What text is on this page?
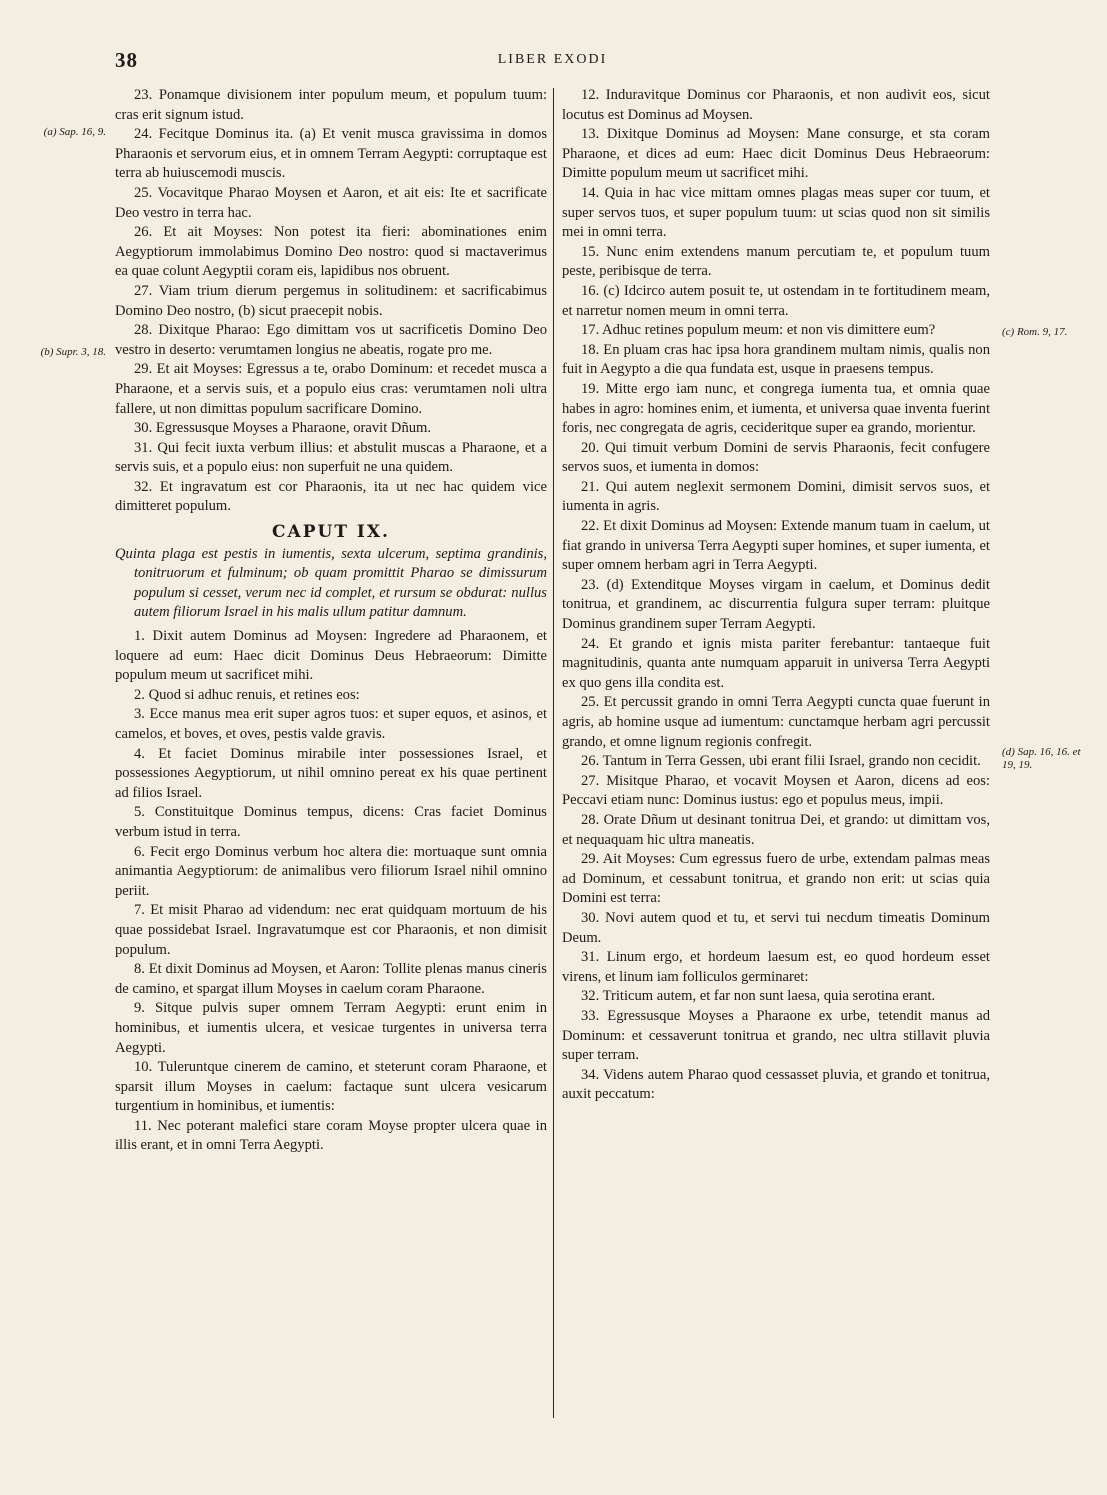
38	LIBER EXODI

23. Ponamque divisionem inter populum meum, et populum tuum: cras erit signum istud.

24. Fecitque Dominus ita. (a) Et venit musca gravissima in domos Pharaonis et servorum eius, et in omnem Terram Aegypti: corruptaque est terra ab huiuscemodi muscis.

25. Vocavitque Pharao Moysen et Aaron, et ait eis: Ite et sacrificate Deo vestro in terra hac.

26. Et ait Moyses: Non potest ita fieri: abominationes enim Aegyptiorum immolabimus Domino Deo nostro: quod si mactaverimus ea quae colunt Aegyptii coram eis, lapidibus nos obruent.

27. Viam trium dierum pergemus in solitudinem: et sacrificabimus Domino Deo nostro, (b) sicut praecepit nobis.

28. Dixitque Pharao: Ego dimittam vos ut sacrificetis Domino Deo vestro in deserto: verumtamen longius ne abeatis, rogate pro me.

29. Et ait Moyses: Egressus a te, orabo Dominum: et recedet musca a Pharaone, et a servis suis, et a populo eius cras: verumtamen noli ultra fallere, ut non dimittas populum sacrificare Domino.

30. Egressusque Moyses a Pharaone, oravit Dñum.

31. Qui fecit iuxta verbum illius: et abstulit muscas a Pharaone, et a servis suis, et a populo eius: non superfuit ne una quidem.

32. Et ingravatum est cor Pharaonis, ita ut nec hac quidem vice dimitteret populum.

CAPUT IX.

Quinta plaga est pestis in iumentis, sexta ulcerum, septima grandinis, tonitruorum et fulminum; ob quam promittit Pharao se dimissurum populum si cesset, verum nec id complet, et rursum se obdurat: nullus autem filiorum Israel in his malis ullum patitur damnum.

1. Dixit autem Dominus ad Moysen: Ingredere ad Pharaonem, et loquere ad eum: Haec dicit Dominus Deus Hebraeorum: Dimitte populum meum ut sacrificet mihi.

2. Quod si adhuc renuis, et retines eos:

3. Ecce manus mea erit super agros tuos: et super equos, et asinos, et camelos, et boves, et oves, pestis valde gravis.

4. Et faciet Dominus mirabile inter possessiones Israel, et possessiones Aegyptiorum, ut nihil omnino pereat ex his quae pertinent ad filios Israel.

5. Constituitque Dominus tempus, dicens: Cras faciet Dominus verbum istud in terra.

6. Fecit ergo Dominus verbum hoc altera die: mortuaque sunt omnia animantia Aegyptiorum: de animalibus vero filiorum Israel nihil omnino periit.

7. Et misit Pharao ad videndum: nec erat quidquam mortuum de his quae possidebat Israel. Ingravatumque est cor Pharaonis, et non dimisit populum.

8. Et dixit Dominus ad Moysen, et Aaron: Tollite plenas manus cineris de camino, et spargat illum Moyses in caelum coram Pharaone.

9. Sitque pulvis super omnem Terram Aegypti: erunt enim in hominibus, et iumentis ulcera, et vesicae turgentes in universa terra Aegypti.

10. Tuleruntque cinerem de camino, et steterunt coram Pharaone, et sparsit illum Moyses in caelum: factaque sunt ulcera vesicarum turgentium in hominibus, et iumentis:

11. Nec poterant malefici stare coram Moyse propter ulcera quae in illis erant, et in omni Terra Aegypti.

12. Induravitque Dominus cor Pharaonis, et non audivit eos, sicut locutus est Dominus ad Moysen.

13. Dixitque Dominus ad Moysen: Mane consurge, et sta coram Pharaone, et dices ad eum: Haec dicit Dominus Deus Hebraeorum: Dimitte populum meum ut sacrificet mihi.

14. Quia in hac vice mittam omnes plagas meas super cor tuum, et super servos tuos, et super populum tuum: ut scias quod non sit similis mei in omni terra.

15. Nunc enim extendens manum percutiam te, et populum tuum peste, peribisque de terra.

16. (c) Idcirco autem posuit te, ut ostendam in te fortitudinem meam, et narretur nomen meum in omni terra.

17. Adhuc retines populum meum: et non vis dimittere eum?

18. En pluam cras hac ipsa hora grandinem multam nimis, qualis non fuit in Aegypto a die qua fundata est, usque in praesens tempus.

19. Mitte ergo iam nunc, et congrega iumenta tua, et omnia quae habes in agro: homines enim, et iumenta, et universa quae inventa fuerint foris, nec congregata de agris, cecideritque super ea grando, morientur.

20. Qui timuit verbum Domini de servis Pharaonis, fecit confugere servos suos, et iumenta in domos:

21. Qui autem neglexit sermonem Domini, dimisit servos suos, et iumenta in agris.

22. Et dixit Dominus ad Moysen: Extende manum tuam in caelum, ut fiat grando in universa Terra Aegypti super homines, et super iumenta, et super omnem herbam agri in Terra Aegypti.

23. (d) Extenditque Moyses virgam in caelum, et Dominus dedit tonitrua, et grandinem, ac discurrentia fulgura super terram: pluitque Dominus grandinem super Terram Aegypti.

24. Et grando et ignis mista pariter ferebantur: tantaeque fuit magnitudinis, quanta ante numquam apparuit in universa Terra Aegypti ex quo gens illa condita est.

25. Et percussit grando in omni Terra Aegypti cuncta quae fuerunt in agris, ab homine usque ad iumentum: cunctamque herbam agri percussit grando, et omne lignum regionis confregit.

26. Tantum in Terra Gessen, ubi erant filii Israel, grando non cecidit.

27. Misitque Pharao, et vocavit Moysen et Aaron, dicens ad eos: Peccavi etiam nunc: Dominus iustus: ego et populus meus, impii.

28. Orate Dñum ut desinant tonitrua Dei, et grando: ut dimittam vos, et nequaquam hic ultra maneatis.

29. Ait Moyses: Cum egressus fuero de urbe, extendam palmas meas ad Dominum, et cessabunt tonitrua, et grando non erit: ut scias quia Domini est terra:

30. Novi autem quod et tu, et servi tui necdum timeatis Dominum Deum.

31. Linum ergo, et hordeum laesum est, eo quod hordeum esset virens, et linum iam folliculos germinaret:

32. Triticum autem, et far non sunt laesa, quia serotina erant.

33. Egressusque Moyses a Pharaone ex urbe, tetendit manus ad Dominum: et cessaverunt tonitrua et grando, nec ultra stillavit pluvia super terram.

34. Videns autem Pharao quod cessasset pluvia, et grando et tonitrua, auxit peccatum:

(a) Sap. 16, 9.
(b) Supr. 3, 18.
(c) Rom. 9, 17.
(d) Sap. 16, 16. et 19, 19.
